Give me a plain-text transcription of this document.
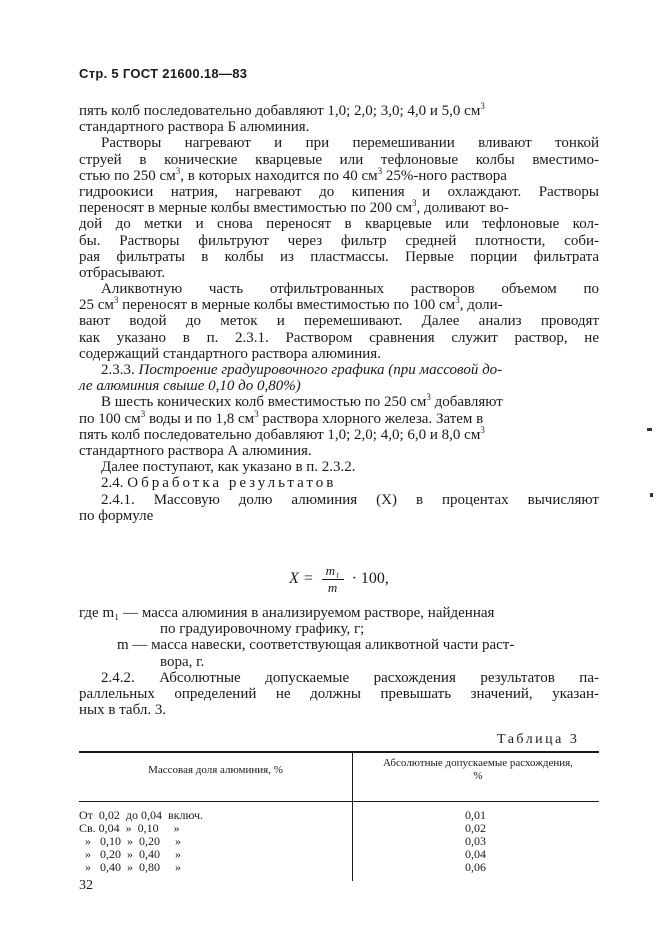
Стр. 5 ГОСТ 21600.18—83
пять колб последовательно добавляют 1,0; 2,0; 3,0; 4,0 и 5,0 $см^3$
стандартного раствора Б алюминия.
Растворы нагревают и при перемешивании вливают тонкой
струей в конические кварцевые или тефлоновые колбы вместимо-
стью по 250 $см^3$, в которых находится по 40 $см^3$ 25%-ного раствора
гидроокиси натрия, нагревают до кипения и охлаждают. Растворы
переносят в мерные колбы вместимостью по 200 $см^3$, доливают во-
дой до метки и снова переносят в кварцевые или тефлоновые кол-
бы. Растворы фильтруют через фильтр средней плотности, соби-
рая фильтраты в колбы из пластмассы. Первые порции фильтрата
отбрасывают.
Аликвотную часть отфильтрованных растворов объемом по
25 $см^3$ переносят в мерные колбы вместимостью по 100 $см^3$, доли-
вают водой до меток и перемешивают. Далее анализ проводят
как указано в п. 2.3.1. Раствором сравнения служит раствор, не
содержащий стандартного раствора алюминия.
2.3.3. Построение градуировочного графика (при массовой до-
ле алюминия свыше 0,10 до 0,80%)
В шесть конических колб вместимостью по 250 $см^3$ добавляют
по 100 $см^3$ воды и по 1,8 $см^3$ раствора хлорного железа. Затем в
пять колб последовательно добавляют 1,0; 2,0; 4,0; 6,0 и 8,0 $см^3$
стандартного раствора А алюминия.
Далее поступают, как указано в п. 2.3.2.
2.4. Обработка результатов
2.4.1. Массовую долю алюминия (X) в процентах вычисляют
по формуле
$X = \frac{\text{m₁}}{m} \cdot 100$,
где m₁ — масса алюминия в анализируемом растворе, найденная
по градуировочному графику, г;
m — масса навески, соответствующая аликвотной части раст-
вора, г.
2.4.2. Абсолютные допускаемые расхождения результатов па-
раллельных определений не должны превышать значений, указан-
ных в табл. 3.
Таблица 3
Массовая доля алюминия, %
Абсолютные допускаемые расхождения,
%
От  0,02  до 0,04  включ.
Св. 0,04  »  0,10     »
»   0,10  »  0,20     »
»   0,20  »  0,40     »
»   0,40  »  0,80     »
0,01
0,02
0,03
0,04
0,06
32
